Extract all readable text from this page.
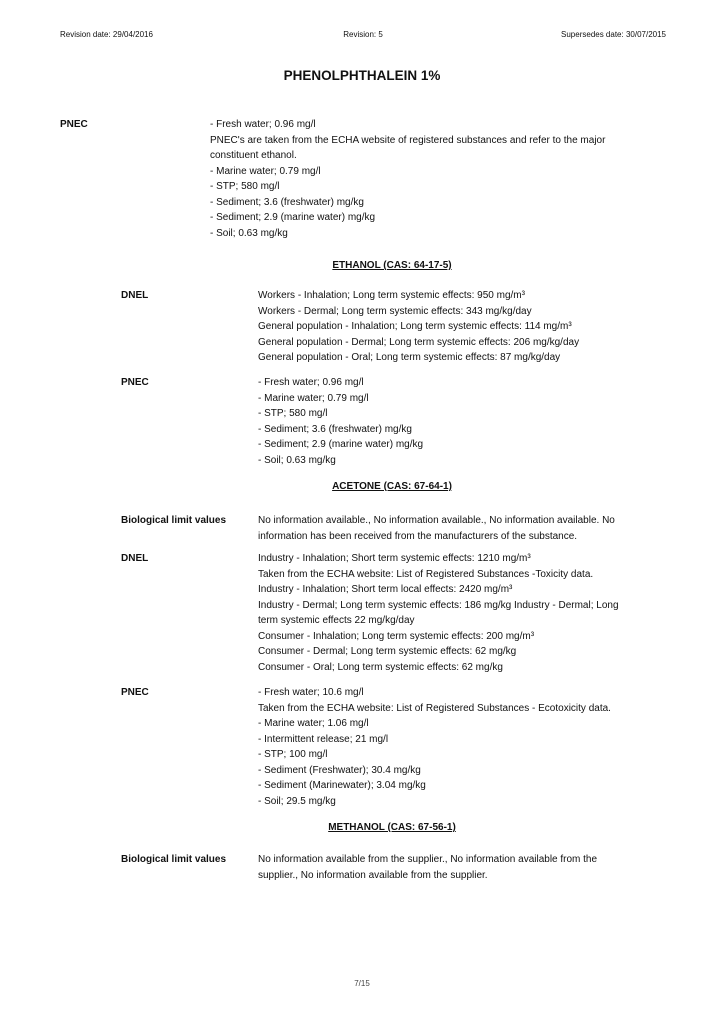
Revision date: 29/04/2016	Revision: 5	Supersedes date: 30/07/2015
PHENOLPHTHALEIN 1%
PNEC	- Fresh water; 0.96 mg/l
PNEC's are taken from the ECHA website of registered substances and refer to the major
constituent ethanol.
- Marine water; 0.79 mg/l
- STP; 580 mg/l
- Sediment; 3.6 (freshwater) mg/kg
- Sediment; 2.9 (marine water) mg/kg
- Soil; 0.63 mg/kg
ETHANOL (CAS: 64-17-5)
DNEL	Workers - Inhalation; Long term systemic effects: 950 mg/m³
Workers - Dermal; Long term systemic effects: 343 mg/kg/day
General population - Inhalation; Long term systemic effects: 114 mg/m³
General population - Dermal; Long term systemic effects: 206 mg/kg/day
General population - Oral; Long term systemic effects: 87 mg/kg/day
PNEC	- Fresh water; 0.96 mg/l
- Marine water; 0.79 mg/l
- STP; 580 mg/l
- Sediment; 3.6 (freshwater) mg/kg
- Sediment; 2.9 (marine water) mg/kg
- Soil; 0.63 mg/kg
ACETONE (CAS: 67-64-1)
Biological limit values	No information available., No information available., No information available. No
information has been received from the manufacturers of the substance.
DNEL	Industry - Inhalation; Short term systemic effects: 1210 mg/m³
Taken from the ECHA website: List of Registered Substances -Toxicity data.
Industry - Inhalation; Short term local effects: 2420 mg/m³
Industry - Dermal; Long term systemic effects: 186 mg/kg Industry - Dermal; Long
term systemic effects 22 mg/kg/day
Consumer - Inhalation; Long term systemic effects: 200 mg/m³
Consumer - Dermal; Long term systemic effects: 62 mg/kg
Consumer - Oral; Long term systemic effects: 62 mg/kg
PNEC	- Fresh water; 10.6 mg/l
Taken from the ECHA website: List of Registered Substances - Ecotoxicity data.
- Marine water; 1.06 mg/l
- Intermittent release; 21 mg/l
- STP; 100 mg/l
- Sediment (Freshwater); 30.4 mg/kg
- Sediment (Marinewater); 3.04 mg/kg
- Soil; 29.5 mg/kg
METHANOL (CAS: 67-56-1)
Biological limit values	No information available from the supplier., No information available from the
supplier., No information available from the supplier.
7/15
